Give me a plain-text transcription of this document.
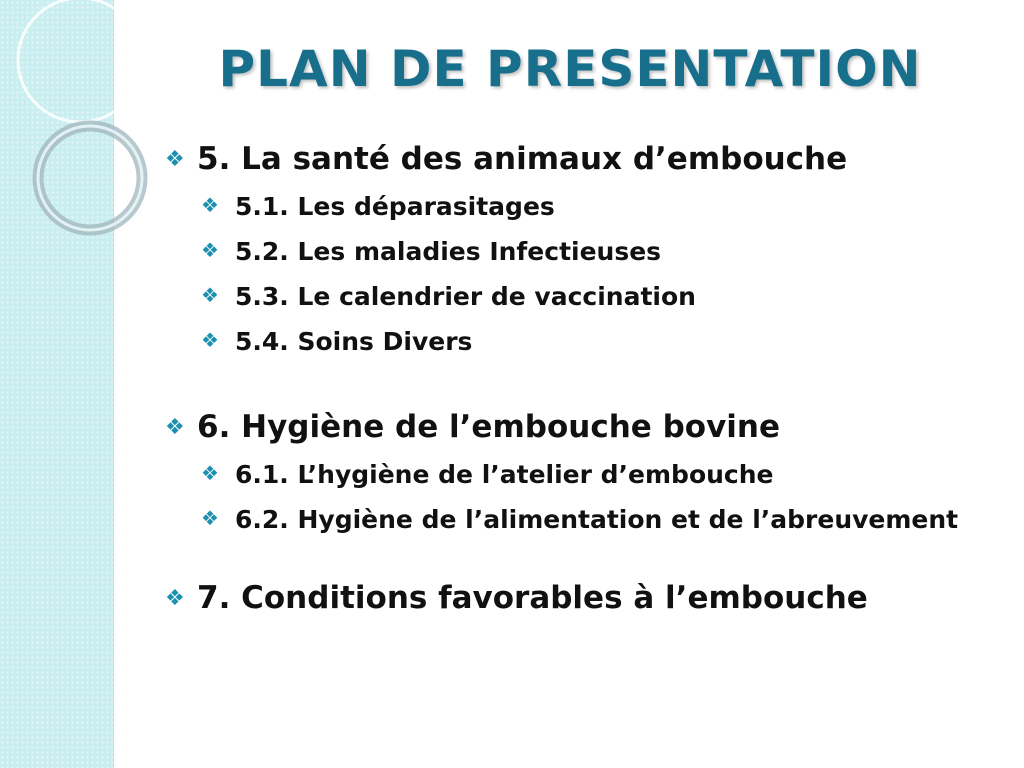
PLAN DE PRESENTATION
❖ 5. La santé des animaux d’embouche
❖ 5.1. Les déparasitages
❖ 5.2. Les maladies Infectieuses
❖ 5.3. Le calendrier de vaccination
❖ 5.4. Soins Divers
❖ 6. Hygiène de l’embouche bovine
❖ 6.1. L’hygiène de l’atelier d’embouche
❖ 6.2. Hygiène de l’alimentation et de l’abreuvement
❖ 7. Conditions favorables à l’embouche
